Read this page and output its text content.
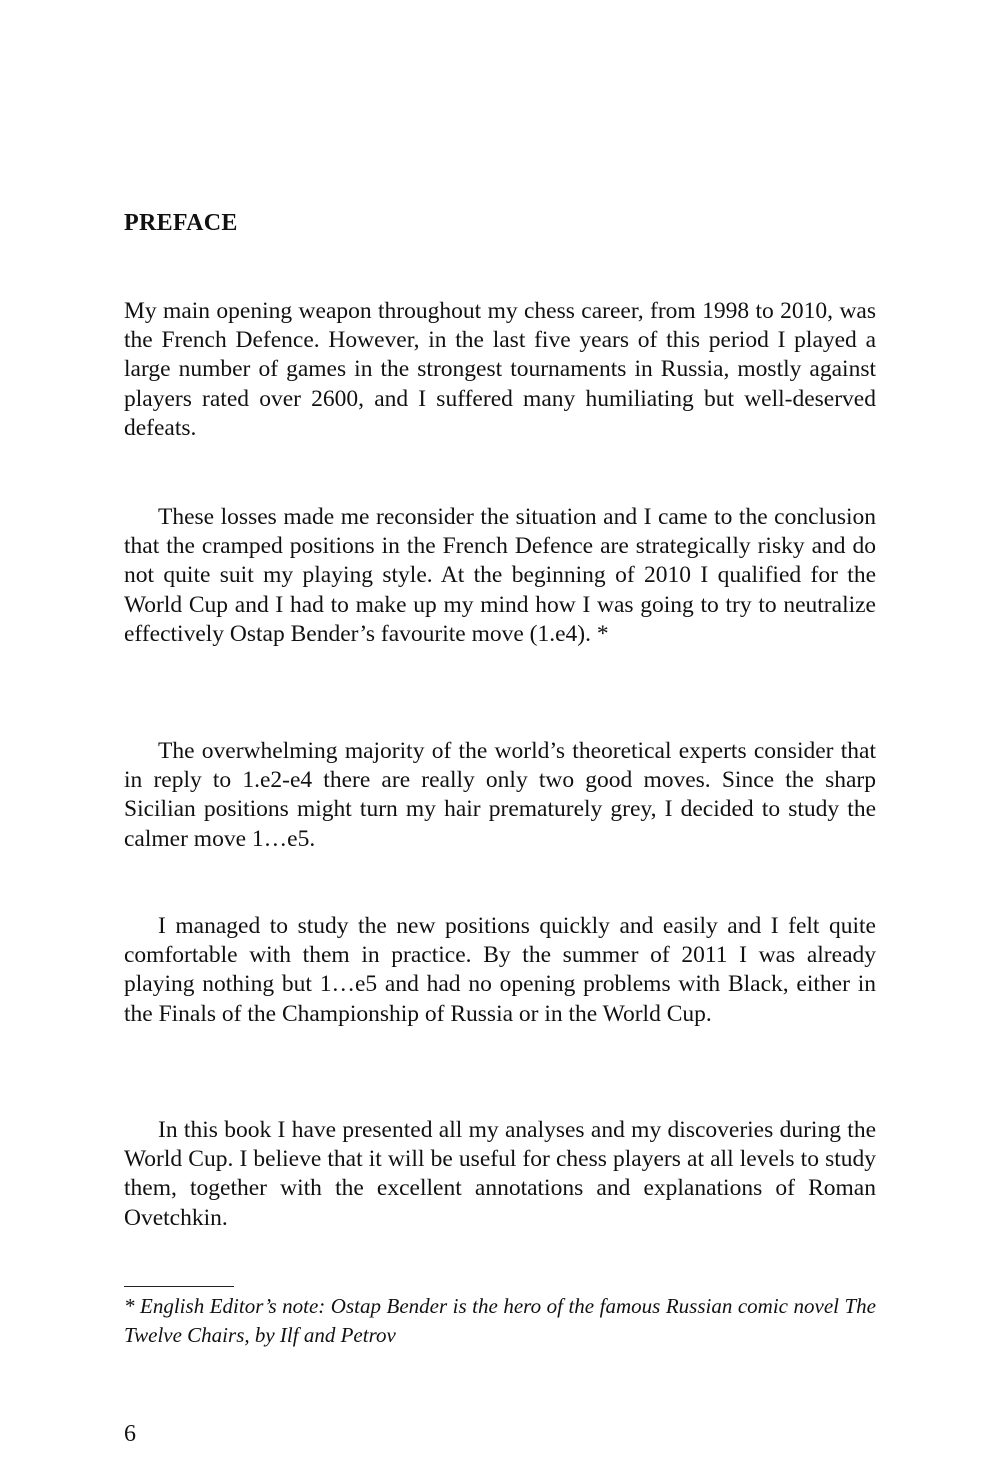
PREFACE

My main opening weapon throughout my chess career, from 1998 to 2010, was the French Defence. However, in the last five years of this period I played a large number of games in the strongest tournaments in Russia, mostly against players rated over 2600, and I suffered many humiliating but well-deserved defeats.

These losses made me reconsider the situation and I came to the conclusion that the cramped positions in the French Defence are strategically risky and do not quite suit my playing style. At the beginning of 2010 I qualified for the World Cup and I had to make up my mind how I was going to try to neutralize effectively Ostap Bender’s favourite move (1.e4). *

The overwhelming majority of the world’s theoretical experts consider that in reply to 1.e2-e4 there are really only two good moves. Since the sharp Sicilian positions might turn my hair prematurely grey, I decided to study the calmer move 1…e5.

I managed to study the new positions quickly and easily and I felt quite comfortable with them in practice. By the summer of 2011 I was already playing nothing but 1…e5 and had no opening problems with Black, either in the Finals of the Championship of Russia or in the World Cup.

In this book I have presented all my analyses and my discoveries during the World Cup. I believe that it will be useful for chess players at all levels to study them, together with the excellent annotations and explanations of Roman Ovetchkin.

* English Editor’s note: Ostap Bender is the hero of the famous Russian comic novel The Twelve Chairs, by Ilf and Petrov

6
